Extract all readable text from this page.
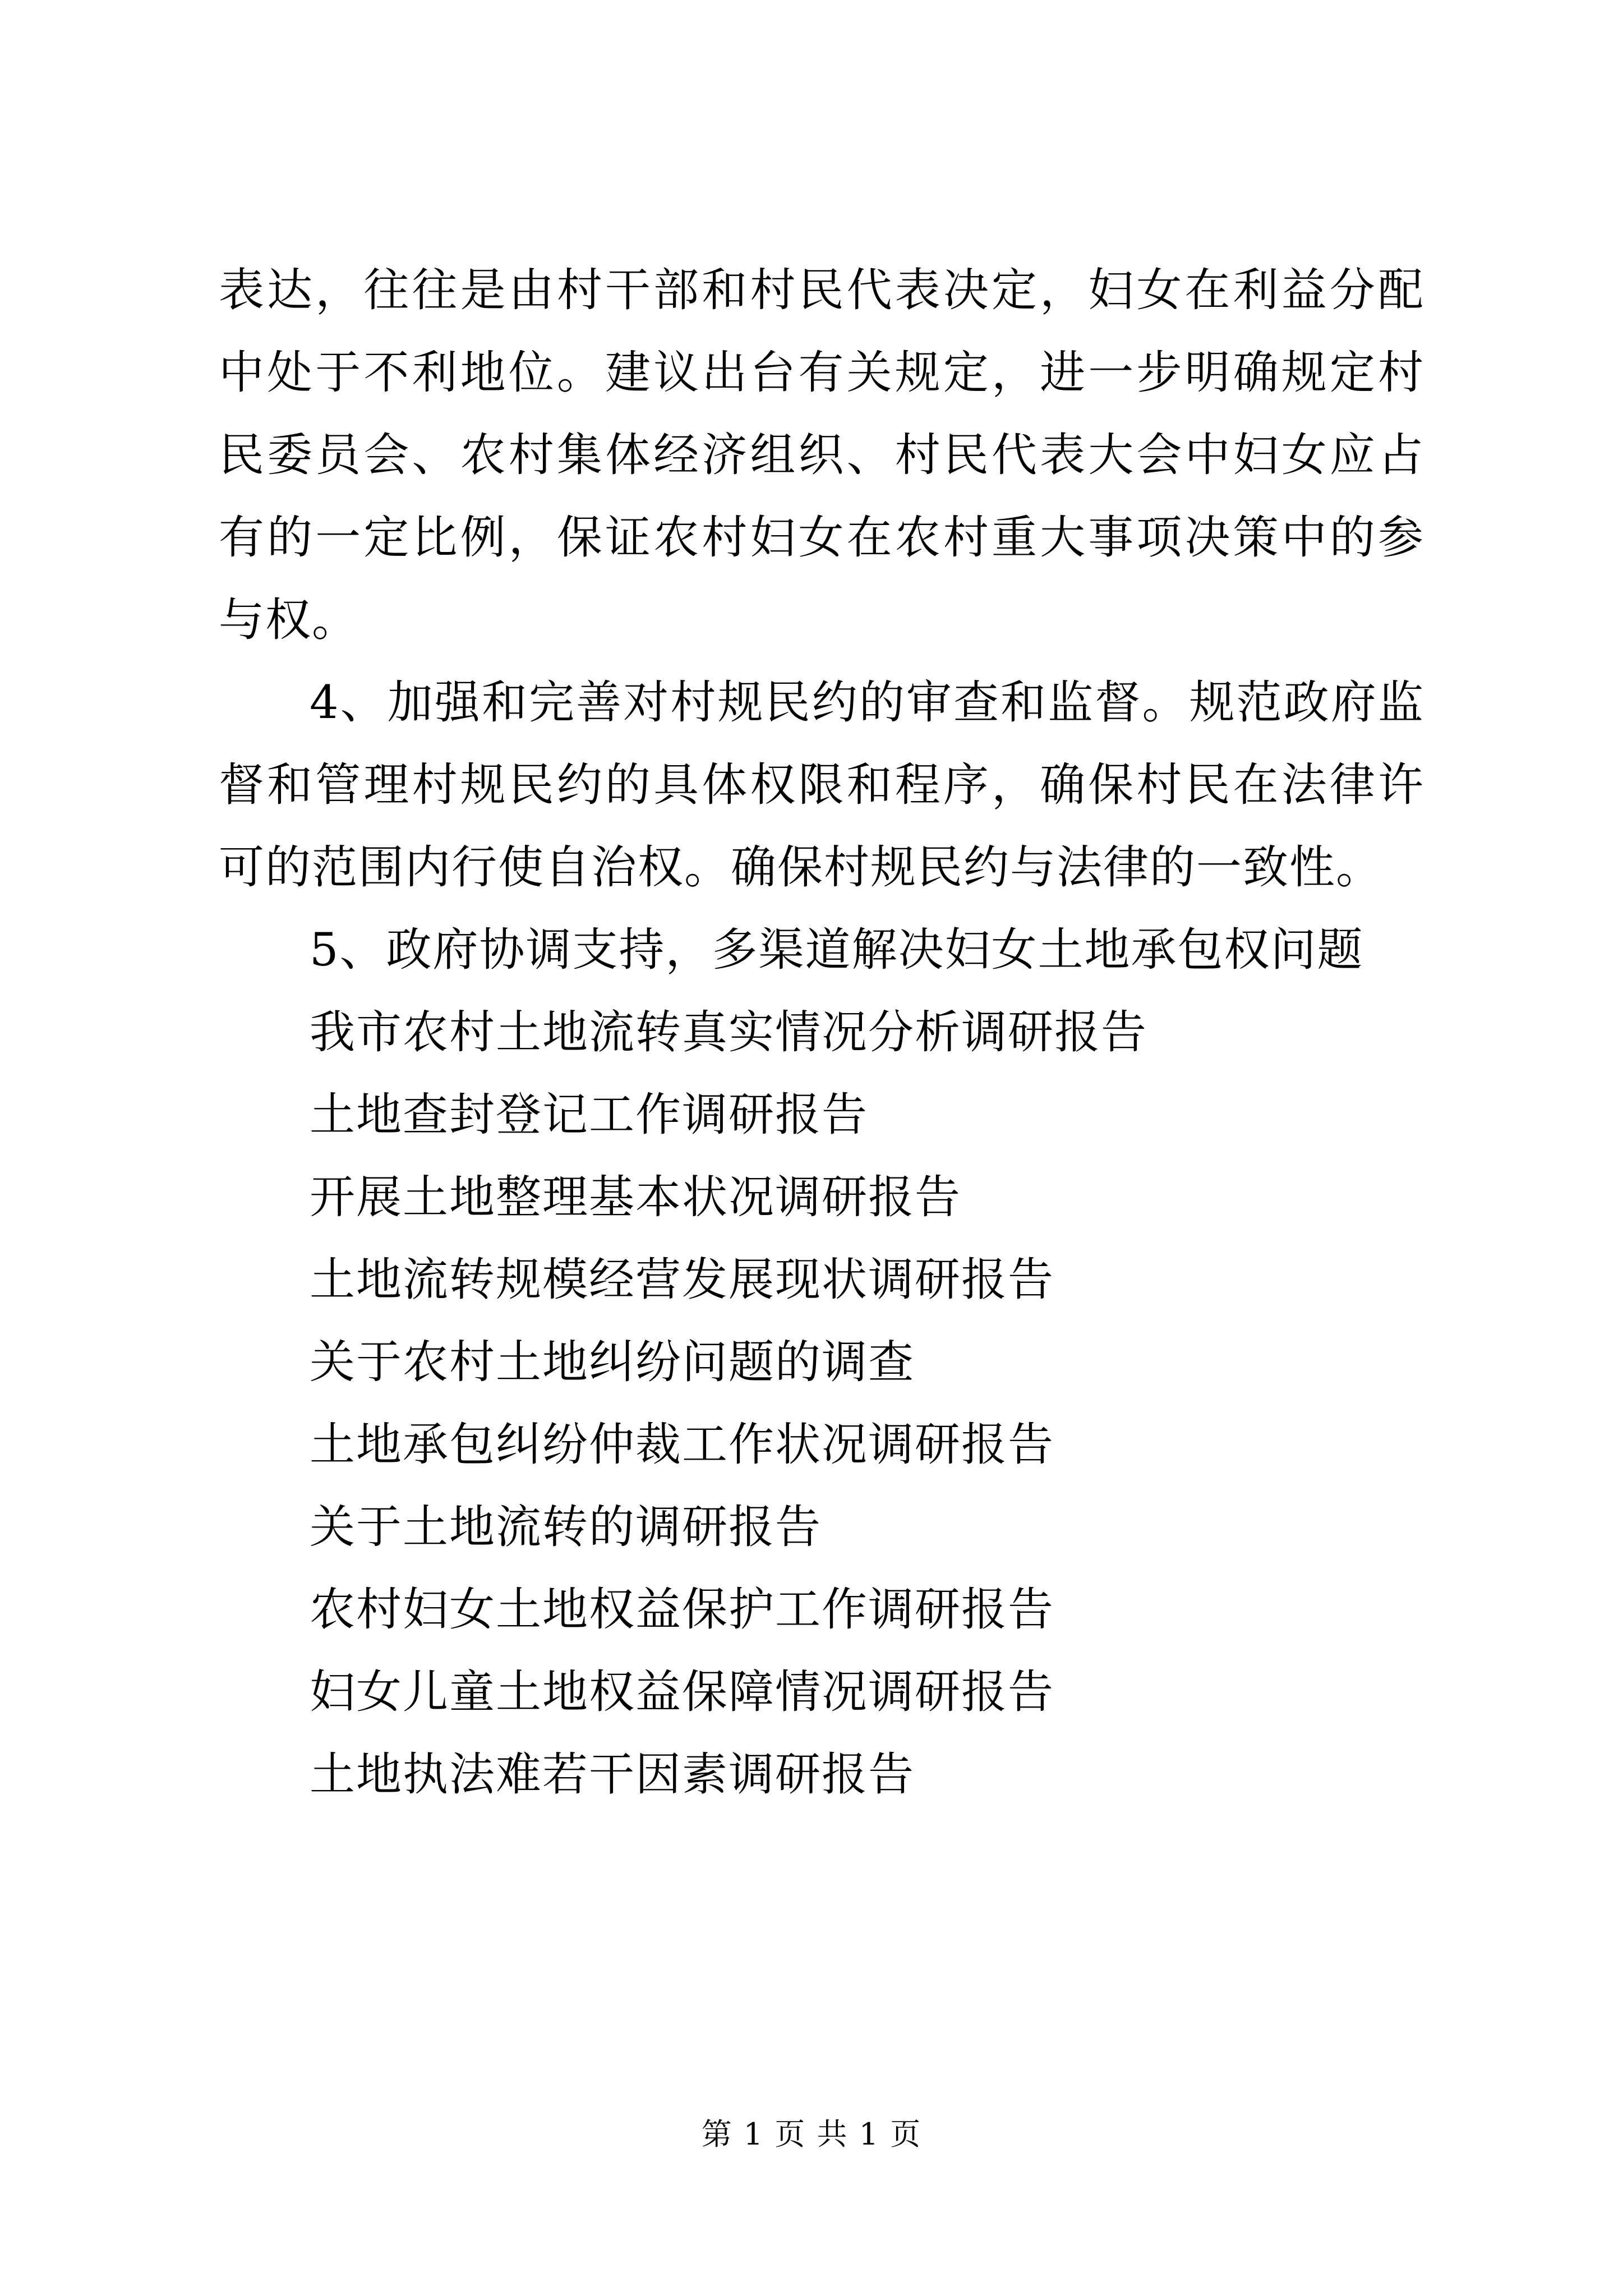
表达，往往是由村干部和村民代表决定，妇女在利益分配中处于不利地位。建议出台有关规定，进一步明确规定村民委员会、农村集体经济组织、村民代表大会中妇女应占有的一定比例，保证农村妇女在农村重大事项决策中的参与权。

4、加强和完善对村规民约的审查和监督。规范政府监督和管理村规民约的具体权限和程序，确保村民在法律许可的范围内行使自治权。确保村规民约与法律的一致性。

5、政府协调支持，多渠道解决妇女土地承包权问题

我市农村土地流转真实情况分析调研报告
土地查封登记工作调研报告
开展土地整理基本状况调研报告
土地流转规模经营发展现状调研报告
关于农村土地纠纷问题的调查
土地承包纠纷仲裁工作状况调研报告
关于土地流转的调研报告
农村妇女土地权益保护工作调研报告
妇女儿童土地权益保障情况调研报告
土地执法难若干因素调研报告
第 1 页 共 1 页
